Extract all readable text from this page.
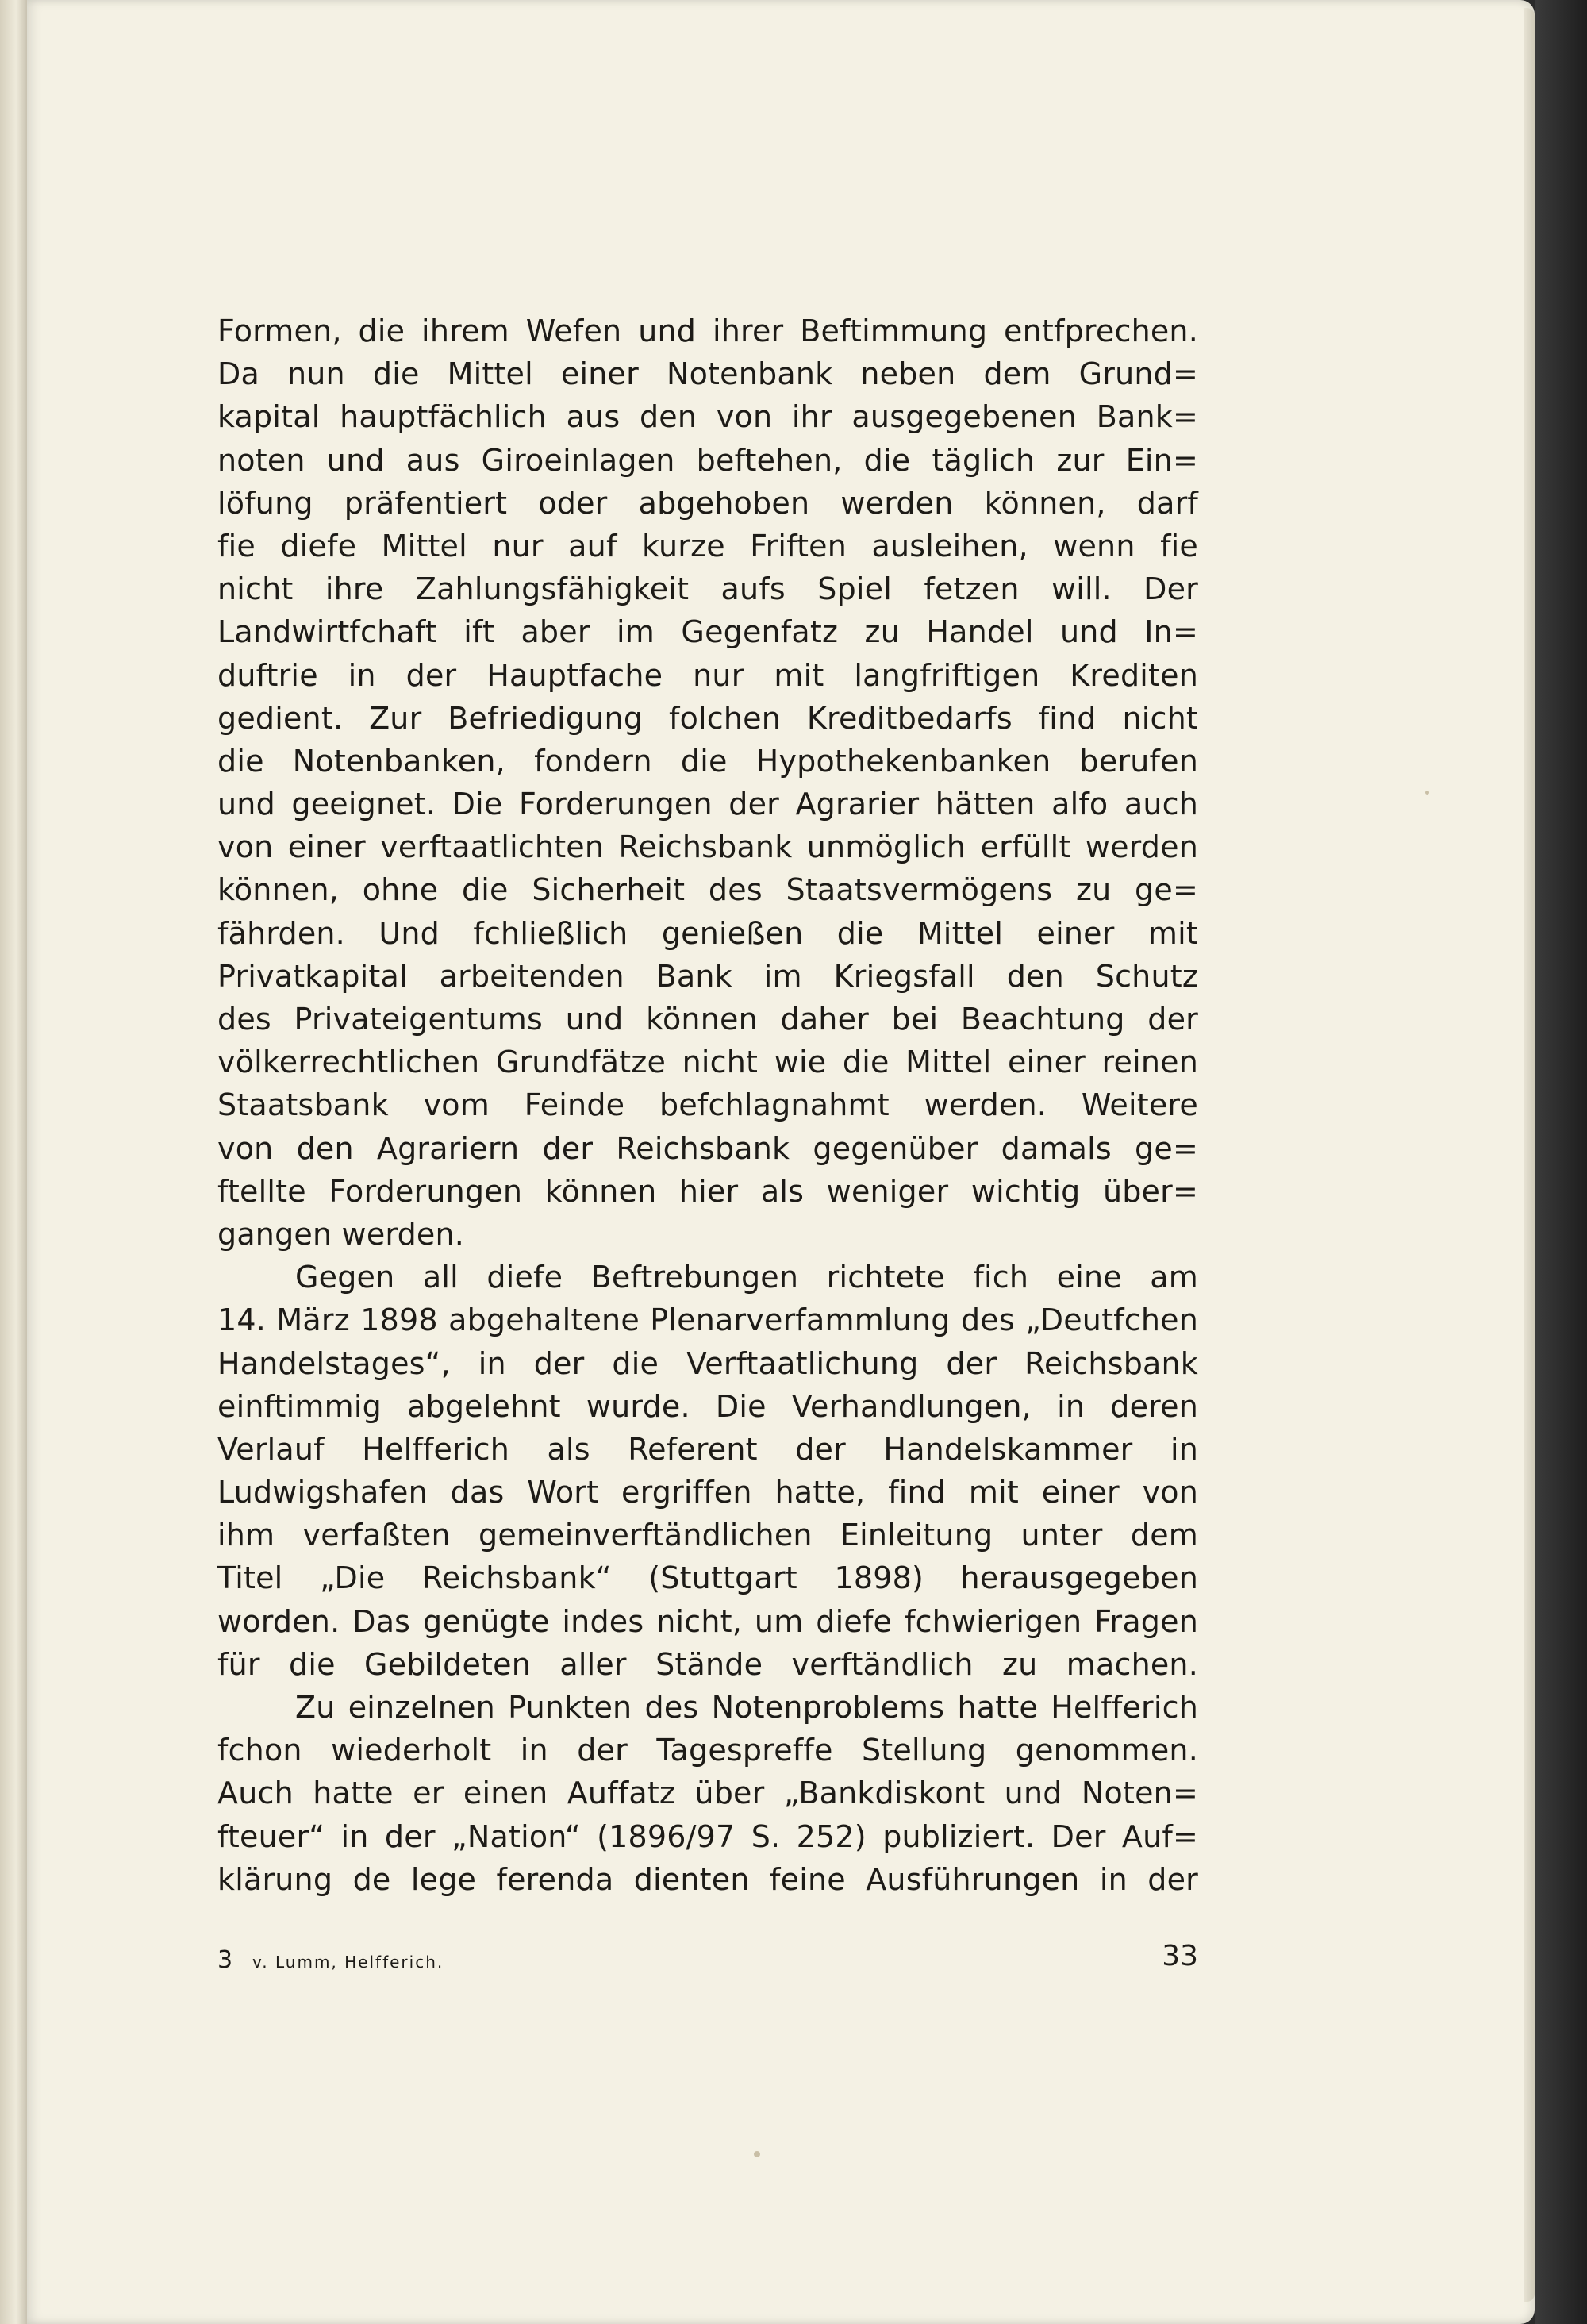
Formen, die ihrem Wefen und ihrer Beftimmung entfprechen.
Da nun die Mittel einer Notenbank neben dem Grund=
kapital hauptfächlich aus den von ihr ausgegebenen Bank=
noten und aus Giroeinlagen beftehen, die täglich zur Ein=
löfung präfentiert oder abgehoben werden können, darf
fie diefe Mittel nur auf kurze Friften ausleihen, wenn fie
nicht ihre Zahlungsfähigkeit aufs Spiel fetzen will. Der
Landwirtfchaft ift aber im Gegenfatz zu Handel und In=
duftrie in der Hauptfache nur mit langfriftigen Krediten
gedient. Zur Befriedigung folchen Kreditbedarfs find nicht
die Notenbanken, fondern die Hypothekenbanken berufen
und geeignet. Die Forderungen der Agrarier hätten alfo auch
von einer verftaatlichten Reichsbank unmöglich erfüllt werden
können, ohne die Sicherheit des Staatsvermögens zu ge=
fährden. Und fchließlich genießen die Mittel einer mit
Privatkapital arbeitenden Bank im Kriegsfall den Schutz
des Privateigentums und können daher bei Beachtung der
völkerrechtlichen Grundfätze nicht wie die Mittel einer reinen
Staatsbank vom Feinde befchlagnahmt werden. Weitere
von den Agrariern der Reichsbank gegenüber damals ge=
ftellte Forderungen können hier als weniger wichtig über=
gangen werden.
Gegen all diefe Beftrebungen richtete fich eine am
14. März 1898 abgehaltene Plenarverfammlung des „Deutfchen
Handelstages“, in der die Verftaatlichung der Reichsbank
einftimmig abgelehnt wurde. Die Verhandlungen, in deren
Verlauf Helfferich als Referent der Handelskammer in
Ludwigshafen das Wort ergriffen hatte, find mit einer von
ihm verfaßten gemeinverftändlichen Einleitung unter dem
Titel „Die Reichsbank“ (Stuttgart 1898) herausgegeben
worden. Das genügte indes nicht, um diefe fchwierigen Fragen
für die Gebildeten aller Stände verftändlich zu machen.
Zu einzelnen Punkten des Notenproblems hatte Helfferich
fchon wiederholt in der Tagespreffe Stellung genommen.
Auch hatte er einen Auffatz über „Bankdiskont und Noten=
fteuer“ in der „Nation“ (1896/97 S. 252) publiziert. Der Auf=
klärung de lege ferenda dienten feine Ausführungen in der
3 v. Lumm, Helfferich.	33
